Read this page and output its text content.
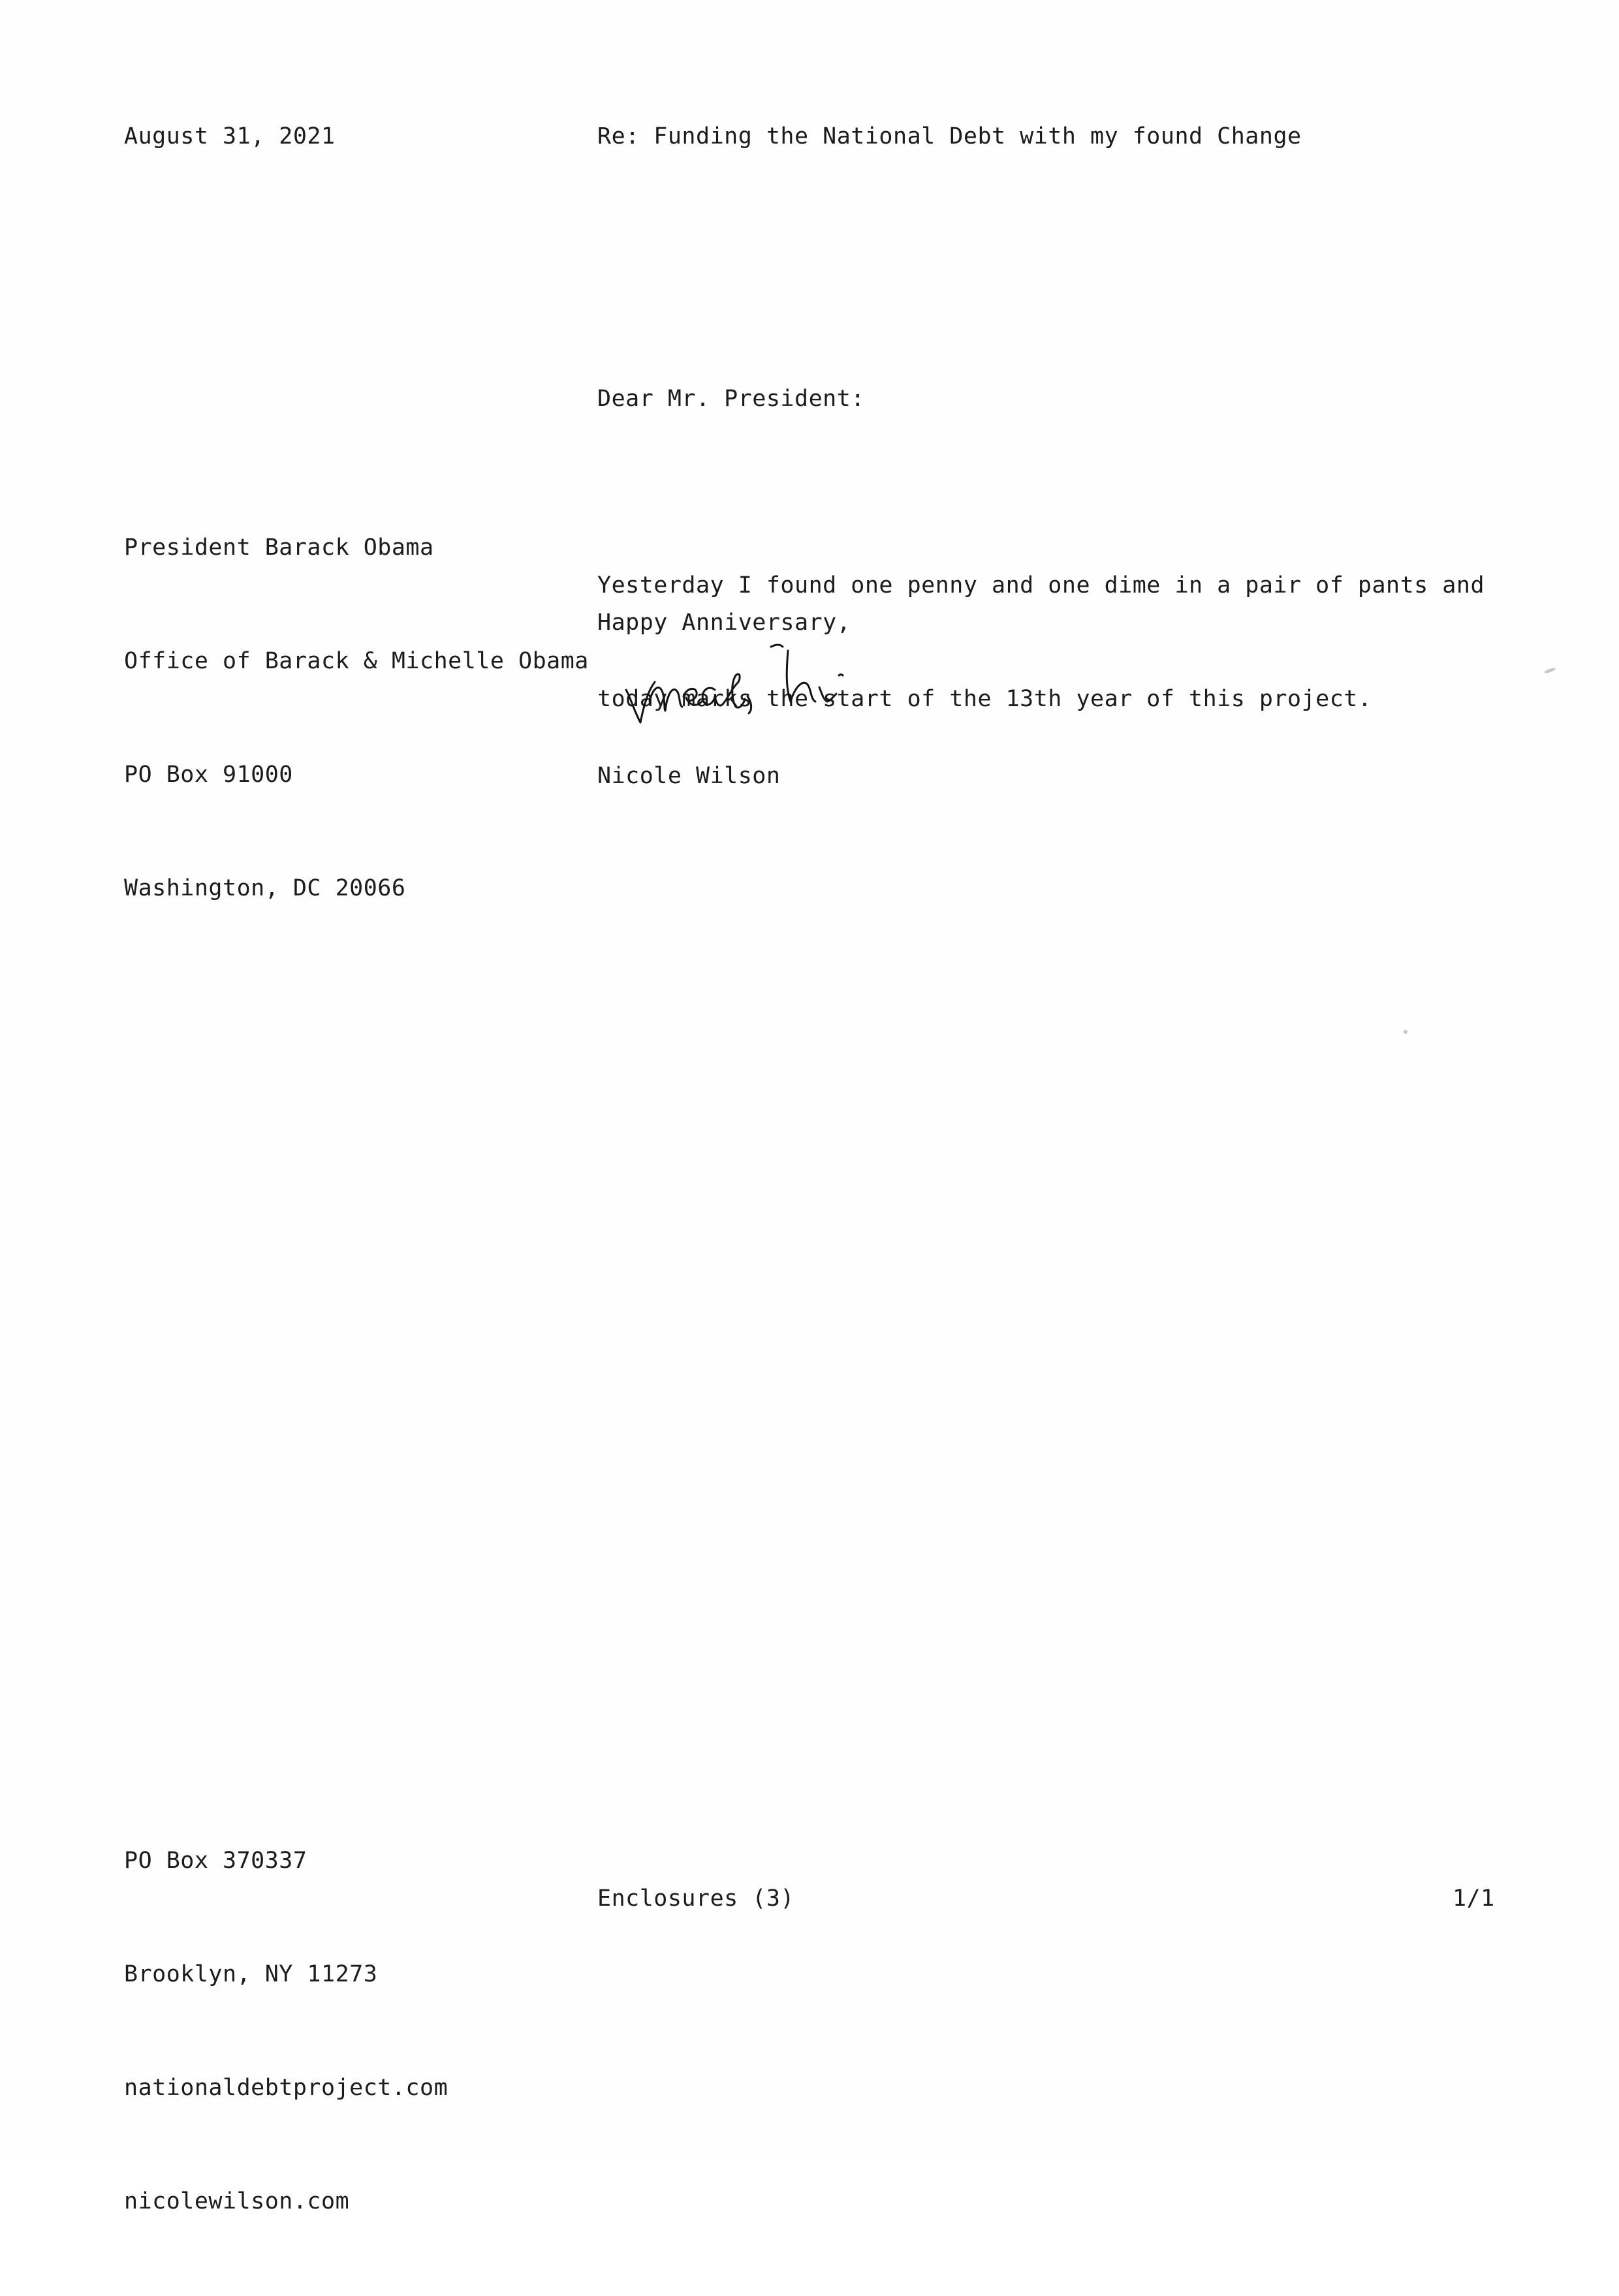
August 31, 2021	Re: Funding the National Debt with my found Change
Dear Mr. President:

President Barack Obama

Office of Barack & Michelle Obama

PO Box 91000

Washington, DC 20066

Yesterday I found one penny and one dime in a pair of pants and

today marks the start of the 13th year of this project.

Happy Anniversary,
Nicole Wilson

PO Box 370337

Brooklyn, NY 11273

nationaldebtproject.com

nicolewilson.com

Enclosures (3)	1/1
